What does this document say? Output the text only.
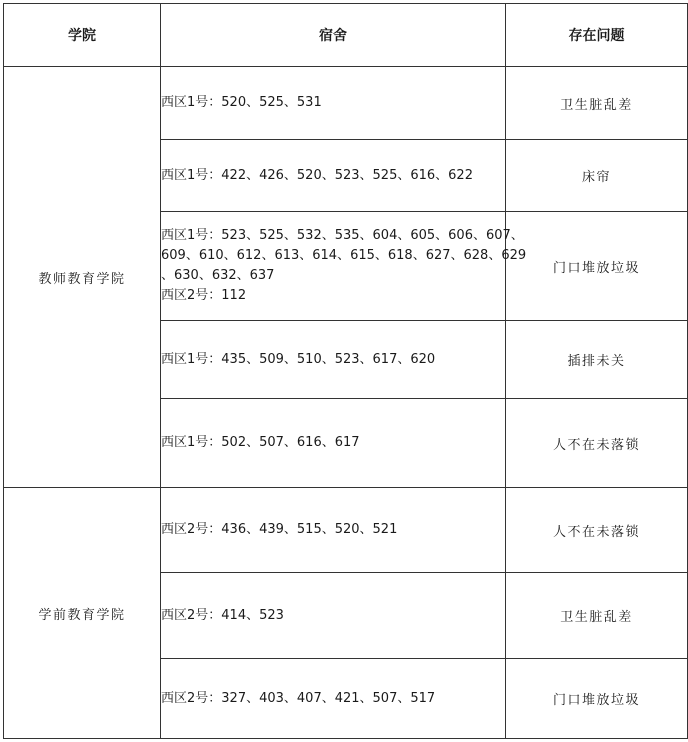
学院	宿舍	存在问题
教师教育学院	西区1号：520、525、531	卫生脏乱差

	西区1号：422、426、520、523、525、616、622	床帘

	西区1号：523、525、532、535、604、605、606、607、
609、610、612、613、614、615、618、627、628、629
、630、632、637
西区2号：112	门口堆放垃圾

	西区1号：435、509、510、523、617、620	插排未关

	西区1号：502、507、616、617	人不在未落锁
学前教育学院	西区2号：436、439、515、520、521	人不在未落锁

	西区2号：414、523	卫生脏乱差

	西区2号：327、403、407、421、507、517	门口堆放垃圾
